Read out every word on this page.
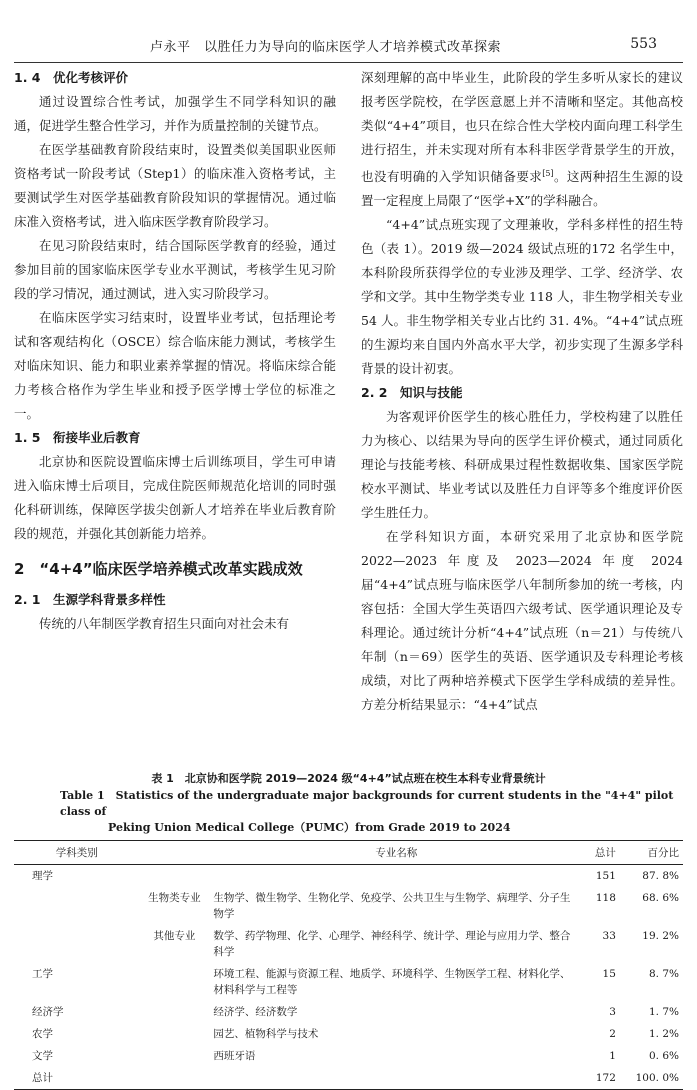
卢永平　以胜任力为导向的临床医学人才培养模式改革探索	553
1. 4　优化考核评价

通过设置综合性考试，加强学生不同学科知识的融通，促进学生整合性学习，并作为质量控制的关键节点。

在医学基础教育阶段结束时，设置类似美国职业医师资格考试一阶段考试（Step1）的临床准入资格考试，主要测试学生对医学基础教育阶段知识的掌握情况。通过临床准入资格考试，进入临床医学教育阶段学习。

在见习阶段结束时，结合国际医学教育的经验，通过参加目前的国家临床医学专业水平测试，考核学生见习阶段的学习情况，通过测试，进入实习阶段学习。

在临床医学实习结束时，设置毕业考试，包括理论考试和客观结构化（OSCE）综合临床能力测试，考核学生对临床知识、能力和职业素养掌握的情况。将临床综合能力考核合格作为学生毕业和授予医学博士学位的标准之一。

1. 5　衔接毕业后教育

北京协和医院设置临床博士后训练项目，学生可申请进入临床博士后项目，完成住院医师规范化培训的同时强化科研训练，保障医学拔尖创新人才培养在毕业后教育阶段的规范，并强化其创新能力培养。

2　“4+4”临床医学培养模式改革实践成效
2. 1　生源学科背景多样性

传统的八年制医学教育招生只面向对社会未有

深刻理解的高中毕业生，此阶段的学生多听从家长的建议报考医学院校，在学医意愿上并不清晰和坚定。其他高校类似“4+4”项目，也只在综合性大学校内面向理工科学生进行招生，并未实现对所有本科非医学背景学生的开放，也没有明确的入学知识储备要求[5]。这两种招生生源的设置一定程度上局限了“医学+X”的学科融合。

“4+4”试点班实现了文理兼收，学科多样性的招生特色（表 1）。2019 级—2024 级试点班的172 名学生中，本科阶段所获得学位的专业涉及理学、工学、经济学、农学和文学。其中生物学类专业 118 人，非生物学相关专业 54 人。非生物学相关专业占比约 31. 4%。“4+4”试点班的生源均来自国内外高水平大学，初步实现了生源多学科背景的设计初衷。

2. 2　知识与技能

为客观评价医学生的核心胜任力，学校构建了以胜任力为核心、以结果为导向的医学生评价模式，通过同质化理论与技能考核、科研成果过程性数据收集、国家医学院校水平测试、毕业考试以及胜任力自评等多个维度评价医学生胜任力。

在学科知识方面，本研究采用了北京协和医学院 2022—2023 年度及 2023—2024 年度 2024 届“4+4”试点班与临床医学八年制所参加的统一考核，内容包括：全国大学生英语四六级考试、医学通识理论及专科理论。通过统计分析“4+4”试点班（n＝21）与传统八年制（n＝69）医学生的英语、医学通识及专科理论考核成绩，对比了两种培养模式下医学生学科成绩的差异性。方差分析结果显示：“4+4”试点

表 1　北京协和医学院 2019—2024 级“4+4”试点班在校生本科专业背景统计
Table 1　Statistics of the undergraduate major backgrounds for current students in the "4+4" pilot class of
Peking Union Medical College（PUMC）from Grade 2019 to 2024
学科类别		专业名称	总计	百分比
理学			151	87. 8%
	生物类专业	生物学、微生物学、生物化学、免疫学、公共卫生与生物学、病理学、分子生物学	118	68. 6%
	其他专业	数学、药学物理、化学、心理学、神经科学、统计学、理论与应用力学、整合科学	33	19. 2%
工学		环境工程、能源与资源工程、地质学、环境科学、生物医学工程、材料化学、材料科学与工程等	15	8. 7%
经济学		经济学、经济数学	3	1. 7%
农学		园艺、植物科学与技术	2	1. 2%
文学		西班牙语	1	0. 6%
总计			172	100. 0%
